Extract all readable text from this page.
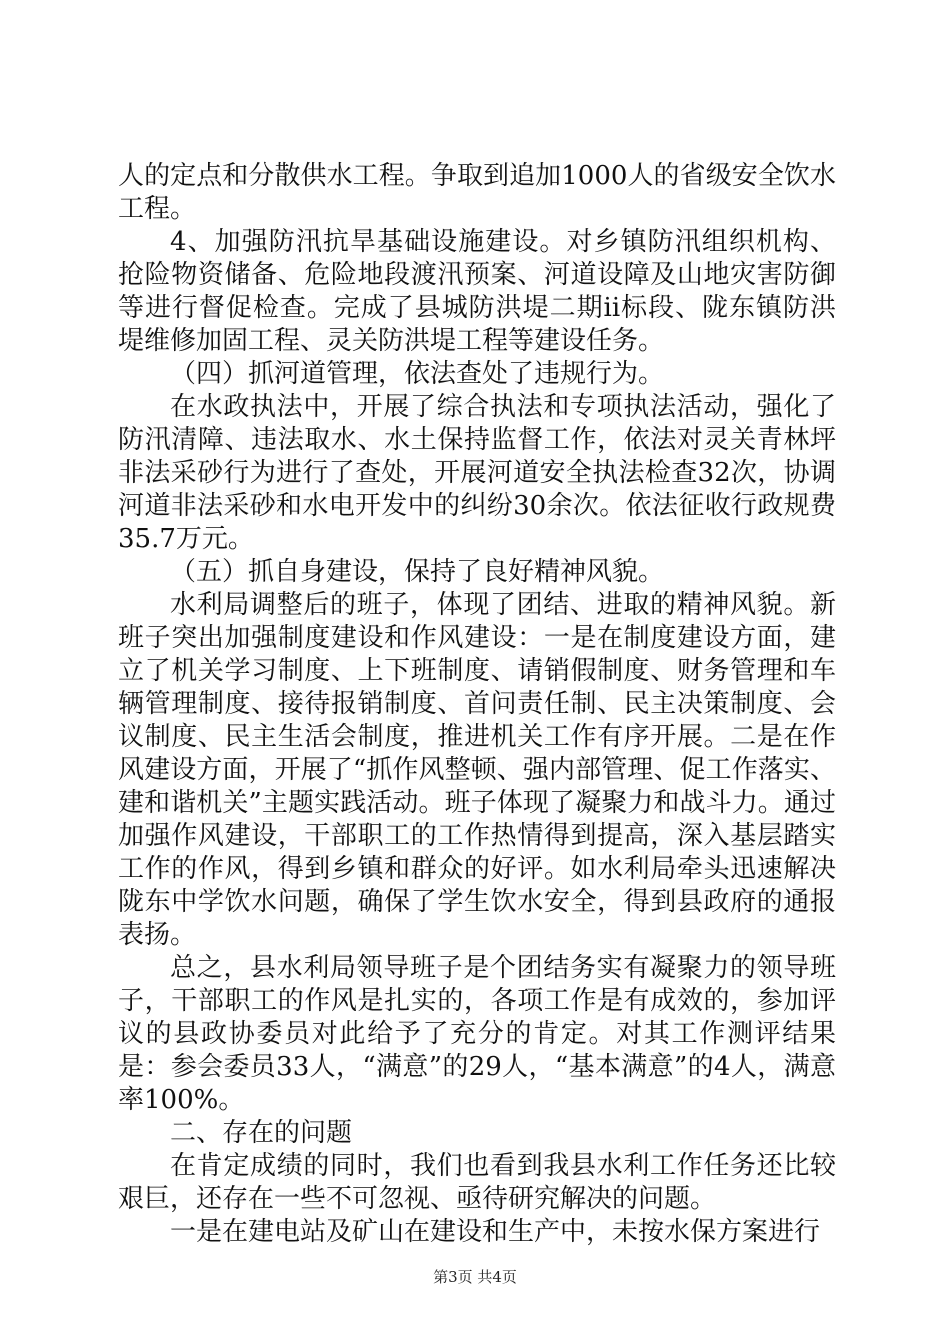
人的定点和分散供水工程。争取到追加1000人的省级安全饮水工程。

4、加强防汛抗旱基础设施建设。对乡镇防汛组织机构、抢险物资储备、危险地段渡汛预案、河道设障及山地灾害防御等进行督促检查。完成了县城防洪堤二期ii标段、陇东镇防洪堤维修加固工程、灵关防洪堤工程等建设任务。

（四）抓河道管理，依法查处了违规行为。

在水政执法中，开展了综合执法和专项执法活动，强化了防汛清障、违法取水、水土保持监督工作，依法对灵关青林坪非法采砂行为进行了查处，开展河道安全执法检查32次，协调河道非法采砂和水电开发中的纠纷30余次。依法征收行政规费35.7万元。

（五）抓自身建设，保持了良好精神风貌。

水利局调整后的班子，体现了团结、进取的精神风貌。新班子突出加强制度建设和作风建设：一是在制度建设方面，建立了机关学习制度、上下班制度、请销假制度、财务管理和车辆管理制度、接待报销制度、首问责任制、民主决策制度、会议制度、民主生活会制度，推进机关工作有序开展。二是在作风建设方面，开展了“抓作风整顿、强内部管理、促工作落实、建和谐机关”主题实践活动。班子体现了凝聚力和战斗力。通过加强作风建设，干部职工的工作热情得到提高，深入基层踏实工作的作风，得到乡镇和群众的好评。如水利局牵头迅速解决陇东中学饮水问题，确保了学生饮水安全，得到县政府的通报表扬。

总之，县水利局领导班子是个团结务实有凝聚力的领导班子，干部职工的作风是扎实的，各项工作是有成效的，参加评议的县政协委员对此给予了充分的肯定。对其工作测评结果是：参会委员33人，“满意”的29人，“基本满意”的4人，满意率100%。

二、存在的问题

在肯定成绩的同时，我们也看到我县水利工作任务还比较艰巨，还存在一些不可忽视、亟待研究解决的问题。

一是在建电站及矿山在建设和生产中，未按水保方案进行

第3页 共4页
